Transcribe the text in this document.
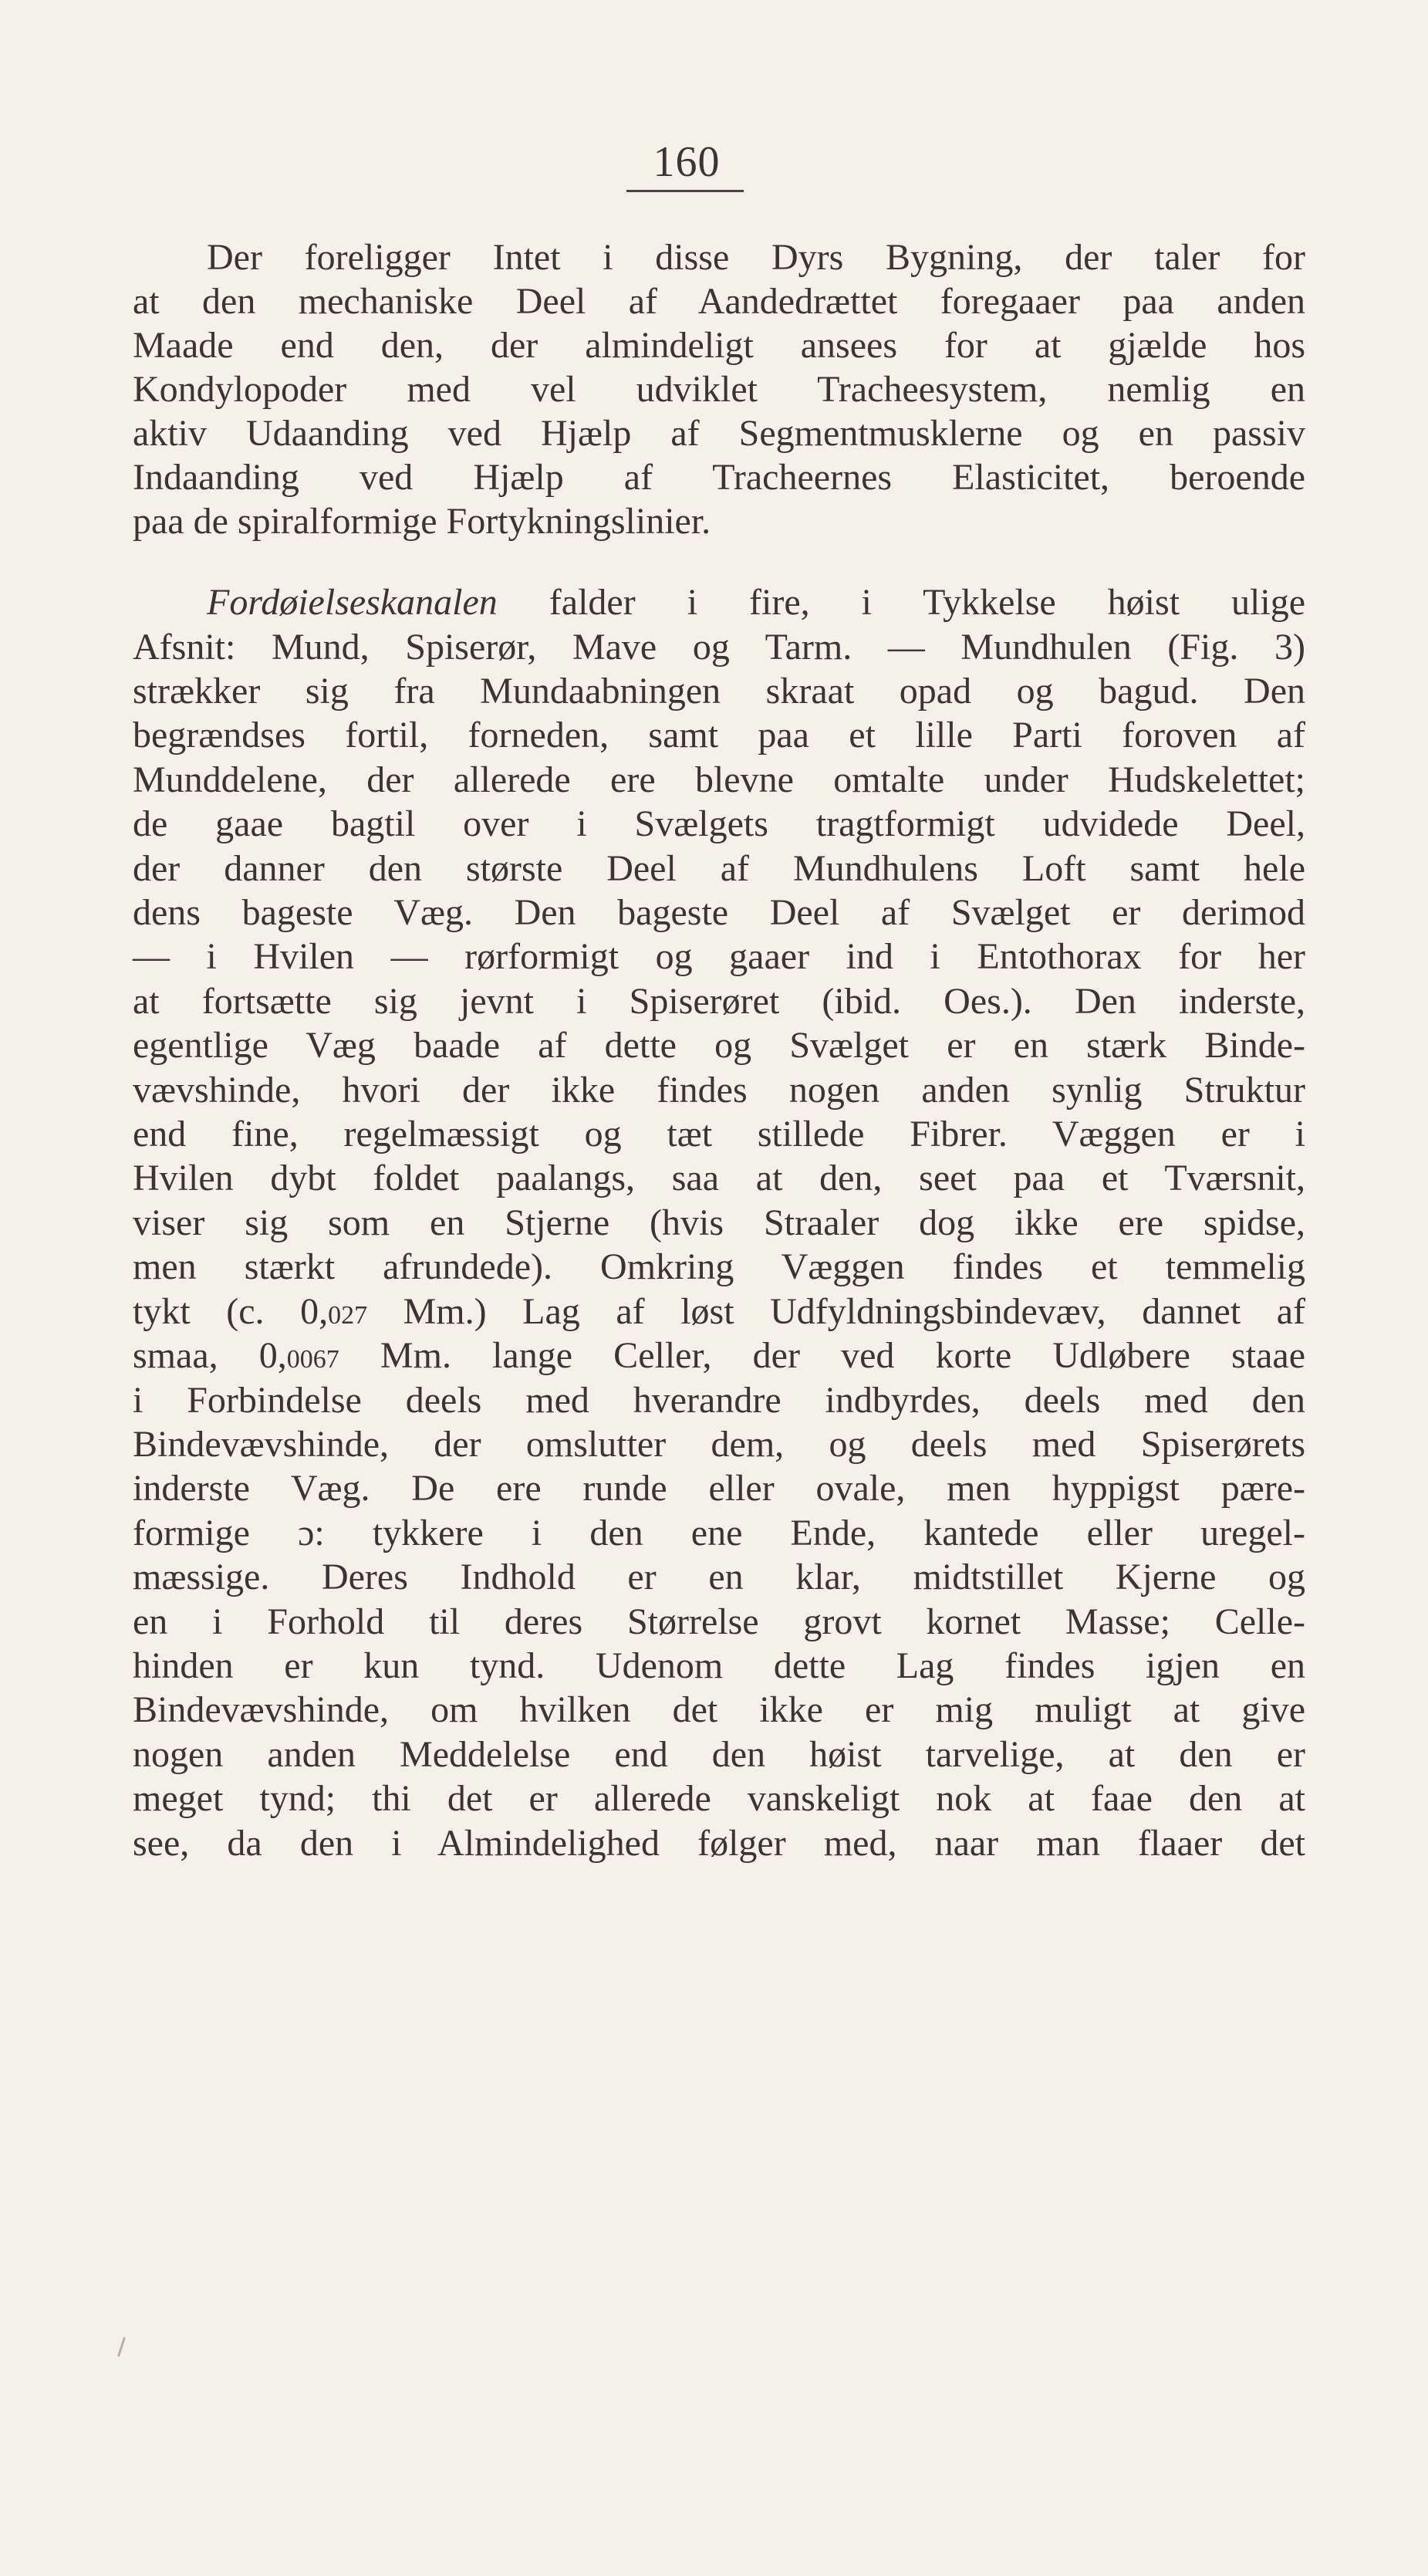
160
Der foreligger Intet i disse Dyrs Bygning, der taler for
at den mechaniske Deel af Aandedrættet foregaaer paa anden
Maade end den, der almindeligt ansees for at gjælde hos
Kondylopoder med vel udviklet Tracheesystem, nemlig en
aktiv Udaanding ved Hjælp af Segmentmusklerne og en passiv
Indaanding ved Hjælp af Tracheernes Elasticitet, beroende
paa de spiralformige Fortykningslinier.
Fordøielseskanalen falder i fire, i Tykkelse høist ulige
Afsnit: Mund, Spiserør, Mave og Tarm. — Mundhulen (Fig. 3)
strækker sig fra Mundaabningen skraat opad og bagud. Den
begrændses fortil, forneden, samt paa et lille Parti foroven af
Munddelene, der allerede ere blevne omtalte under Hudskelettet;
de gaae bagtil over i Svælgets tragtformigt udvidede Deel,
der danner den største Deel af Mundhulens Loft samt hele
dens bageste Væg. Den bageste Deel af Svælget er derimod
— i Hvilen — rørformigt og gaaer ind i Entothorax for her
at fortsætte sig jevnt i Spiserøret (ibid. Oes.). Den inderste,
egentlige Væg baade af dette og Svælget er en stærk Binde-
vævshinde, hvori der ikke findes nogen anden synlig Struktur
end fine, regelmæssigt og tæt stillede Fibrer. Væggen er i
Hvilen dybt foldet paalangs, saa at den, seet paa et Tværsnit,
viser sig som en Stjerne (hvis Straaler dog ikke ere spidse,
men stærkt afrundede). Omkring Væggen findes et temmelig
tykt (c. 0,027 Mm.) Lag af løst Udfyldningsbindevæv, dannet af
smaa, 0,0067 Mm. lange Celler, der ved korte Udløbere staae
i Forbindelse deels med hverandre indbyrdes, deels med den
Bindevævshinde, der omslutter dem, og deels med Spiserørets
inderste Væg. De ere runde eller ovale, men hyppigst pære-
formige ɔ: tykkere i den ene Ende, kantede eller uregel-
mæssige. Deres Indhold er en klar, midtstillet Kjerne og
en i Forhold til deres Størrelse grovt kornet Masse; Celle-
hinden er kun tynd. Udenom dette Lag findes igjen en
Bindevævshinde, om hvilken det ikke er mig muligt at give
nogen anden Meddelelse end den høist tarvelige, at den er
meget tynd; thi det er allerede vanskeligt nok at faae den at
see, da den i Almindelighed følger med, naar man flaaer det
